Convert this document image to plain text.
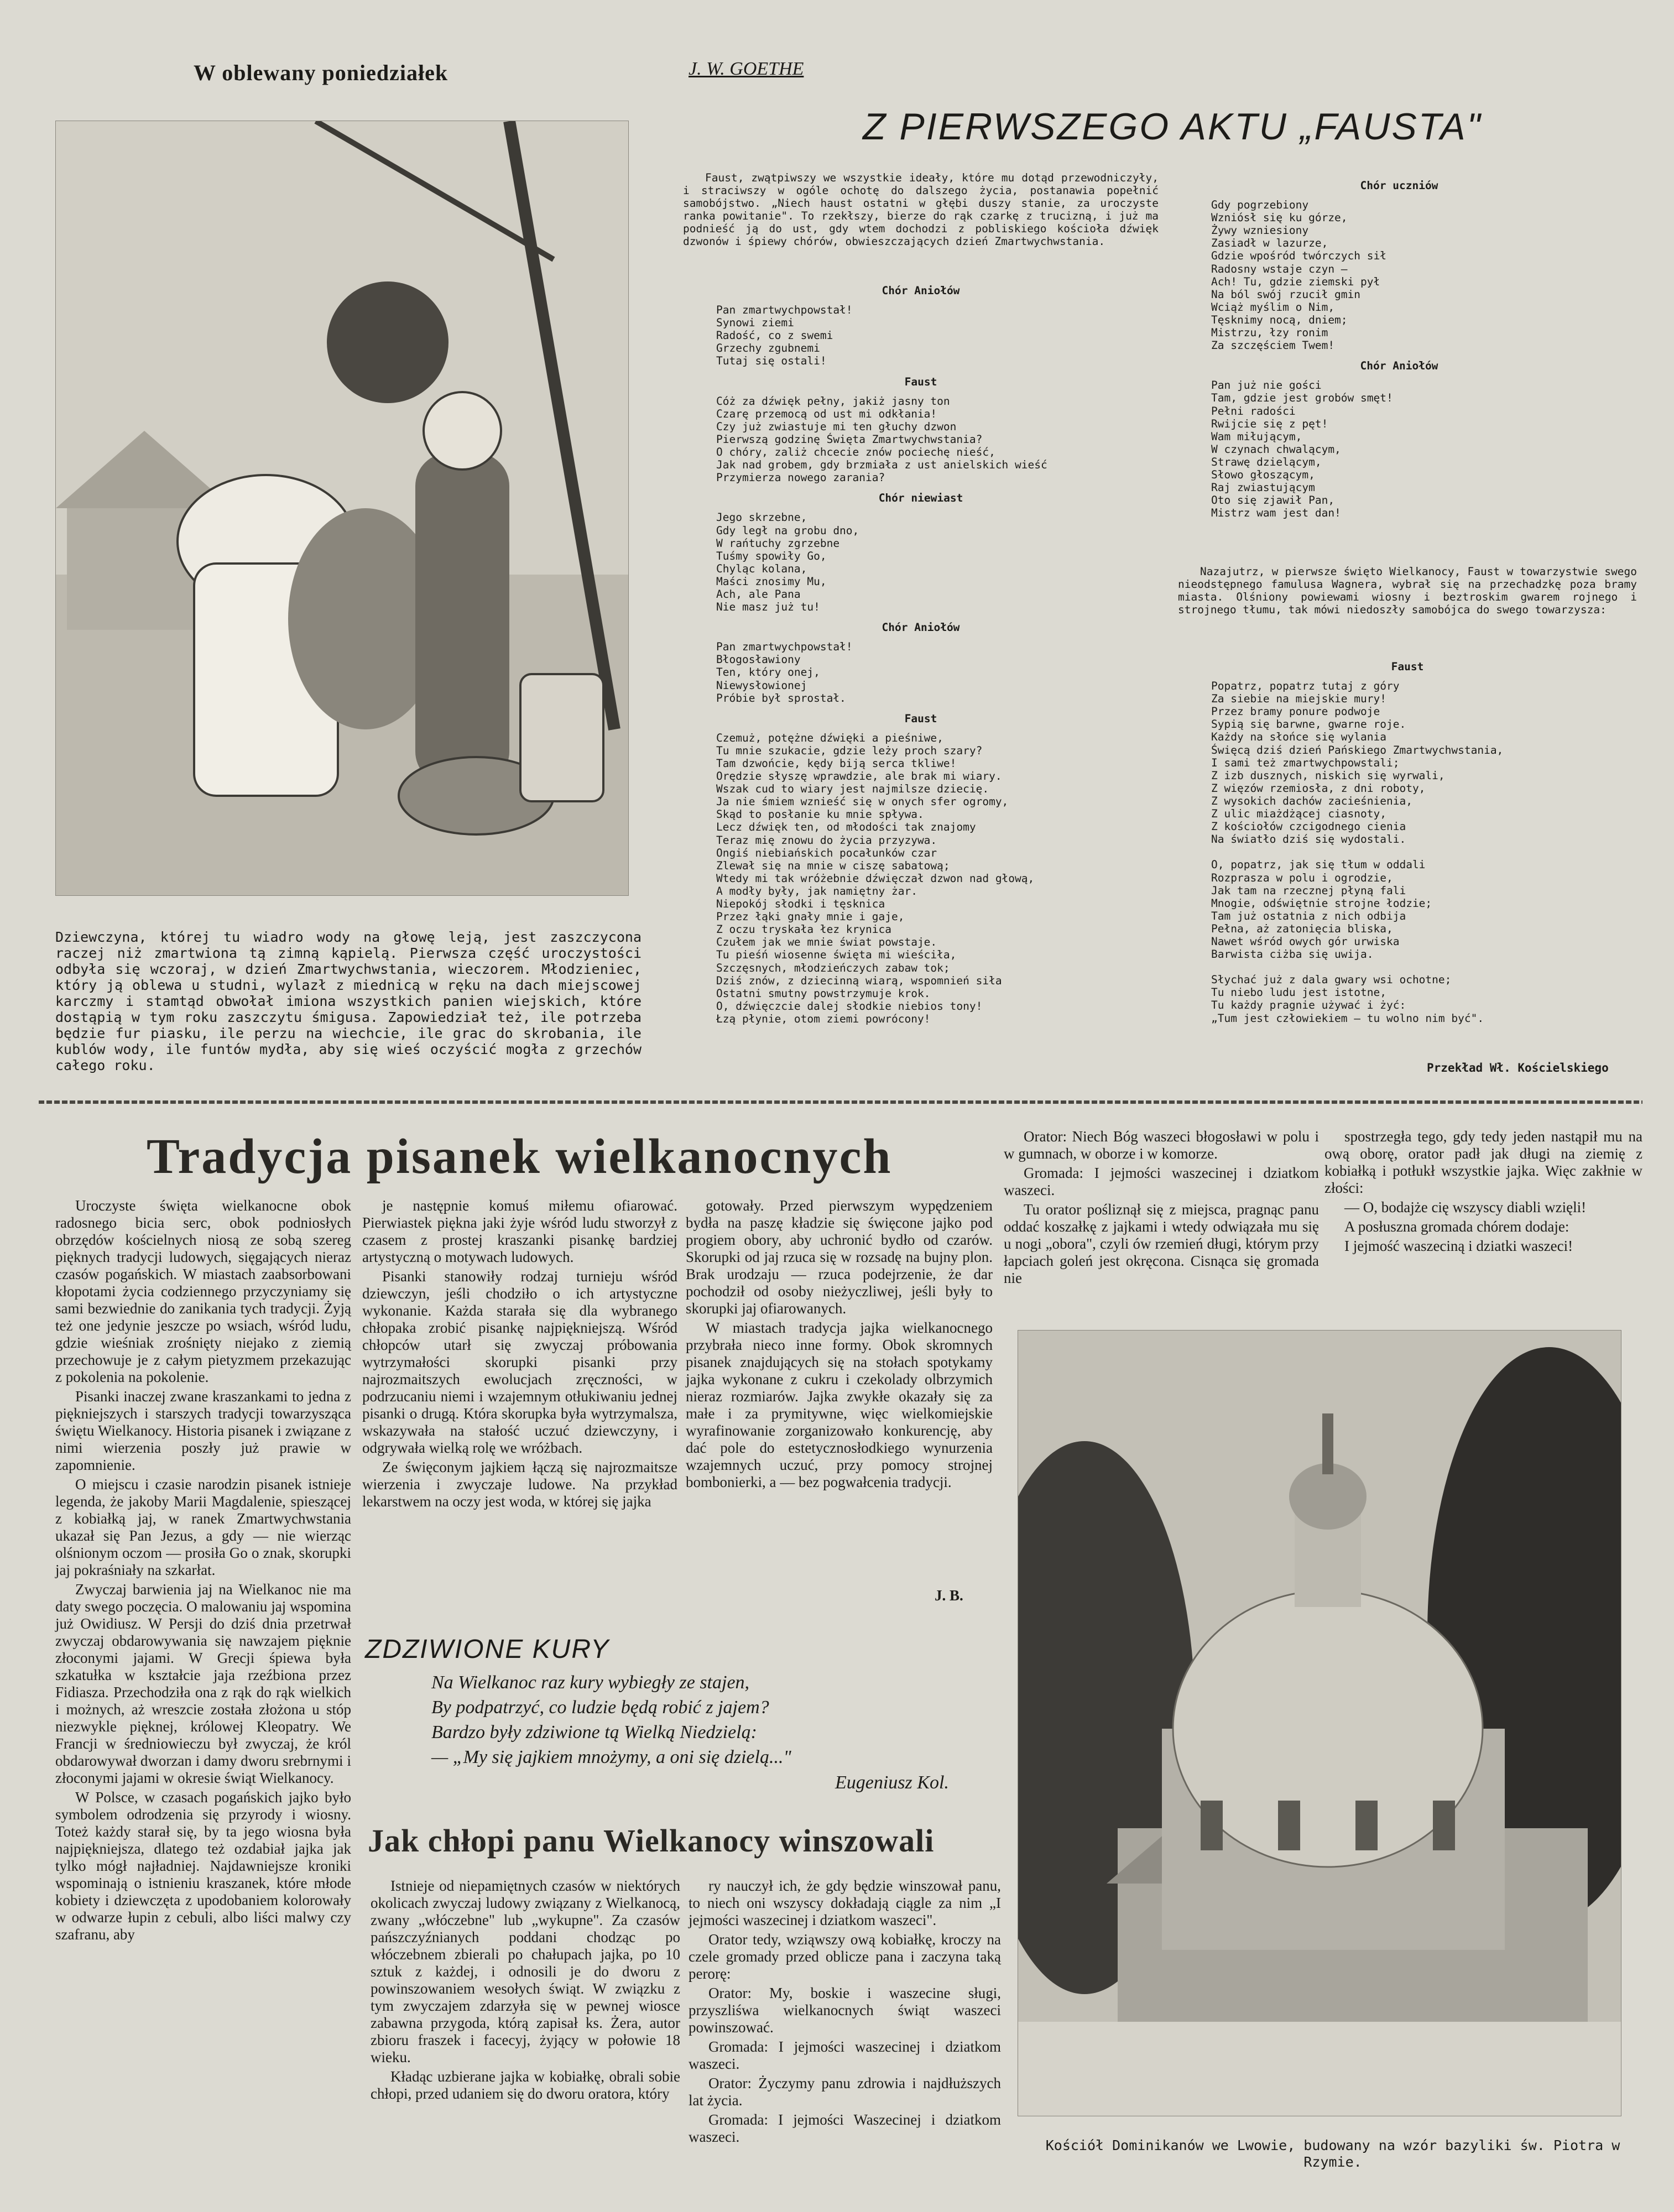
W oblewany poniedziałek
Dziewczyna, której tu wiadro wody na głowę leją, jest zaszczycona raczej niż zmartwiona tą zimną kąpielą. Pierwsza część uroczystości odbyła się wczoraj, w dzień Zmartwychwstania, wieczorem. Młodzieniec, który ją oblewa u studni, wylazł z miednicą w ręku na dach miejscowej karczmy i stamtąd obwołał imiona wszystkich panien wiejskich, które dostąpią w tym roku zaszczytu śmigusa. Zapowiedział też, ile potrzeba będzie fur piasku, ile perzu na wiechcie, ile grac do skrobania, ile kublów wody, ile funtów mydła, aby się wieś oczyścić mogła z grzechów całego roku.
J. W. GOETHE
Z PIERWSZEGO AKTU „FAUSTA"
Faust, zwątpiwszy we wszystkie ideały, które mu dotąd przewodniczyły, i straciwszy w ogóle ochotę do dalszego życia, postanawia popełnić samobójstwo. „Niech haust ostatni w głębi duszy stanie, za uroczyste ranka powitanie". To rzekłszy, bierze do rąk czarkę z trucizną, i już ma podnieść ją do ust, gdy wtem dochodzi z pobliskiego kościoła dźwięk dzwonów i śpiewy chórów, obwieszczających dzień Zmartwychwstania.
Chór Aniołów
Pan zmartwychpowstał!
Synowi ziemi
Radość, co z swemi
Grzechy zgubnemi
Tutaj się ostali!
Faust
Cóż za dźwięk pełny, jakiż jasny ton
Czarę przemocą od ust mi odkłania!
Czy już zwiastuje mi ten głuchy dzwon
Pierwszą godzinę Święta Zmartwychwstania?
O chóry, zaliż chcecie znów pociechę nieść,
Jak nad grobem, gdy brzmiała z ust anielskich wieść
Przymierza nowego zarania?
Chór niewiast
Jego skrzebne,
Gdy legł na grobu dno,
W rańtuchy zgrzebne
Tuśmy spowiły Go,
Chyląc kolana,
Maści znosimy Mu,
Ach, ale Pana
Nie masz już tu!
Chór Aniołów
Pan zmartwychpowstał!
Błogosławiony
Ten, który onej,
Niewysłowionej
Próbie był sprostał.
Faust
Czemuż, potężne dźwięki a pieśniwe,
Tu mnie szukacie, gdzie leży proch szary?
Tam dzwońcie, kędy biją serca tkliwe!
Orędzie słyszę wprawdzie, ale brak mi wiary.
Wszak cud to wiary jest najmilsze dziecię.
Ja nie śmiem wznieść się w onych sfer ogromy,
Skąd to posłanie ku mnie spływa.
Lecz dźwięk ten, od młodości tak znajomy
Teraz mię znowu do życia przyzywa.
Ongiś niebiańskich pocałunków czar
Zlewał się na mnie w ciszę sabatową;
Wtedy mi tak wróżebnie dźwięczał dzwon nad głową,
A modły były, jak namiętny żar.
Niepokój słodki i tęsknica
Przez łąki gnały mnie i gaje,
Z oczu tryskała łez krynica
Czułem jak we mnie świat powstaje.
Tu pieśń wiosenne święta mi wieściła,
Szczęsnych, młodzieńczych zabaw tok;
Dziś znów, z dziecinną wiarą, wspomnień siła
Ostatni smutny powstrzymuje krok.
O, dźwięczcie dalej słodkie niebios tony!
Łzą płynie, otom ziemi powrócony!
Chór uczniów
Gdy pogrzebiony
Wzniósł się ku górze,
Żywy wzniesiony
Zasiadł w lazurze,
Gdzie wpośród twórczych sił
Radosny wstaje czyn —
Ach! Tu, gdzie ziemski pył
Na ból swój rzucił gmin
Wciąż myślim o Nim,
Tęsknimy nocą, dniem;
Mistrzu, łzy ronim
Za szczęściem Twem!
Chór Aniołów
Pan już nie gości
Tam, gdzie jest grobów smęt!
Pełni radości
Rwijcie się z pęt!
Wam miłującym,
W czynach chwalącym,
Strawę dzielącym,
Słowo głoszącym,
Raj zwiastującym
Oto się zjawił Pan,
Mistrz wam jest dan!
Nazajutrz, w pierwsze święto Wielkanocy, Faust w towarzystwie swego nieodstępnego famulusa Wagnera, wybrał się na przechadzkę poza bramy miasta. Olśniony powiewami wiosny i beztroskim gwarem rojnego i strojnego tłumu, tak mówi niedoszły samobójca do swego towarzysza:
Faust
Popatrz, popatrz tutaj z góry
Za siebie na miejskie mury!
Przez bramy ponure podwoje
Sypią się barwne, gwarne roje.
Każdy na słońce się wylania
Święcą dziś dzień Pańskiego Zmartwychwstania,
I sami też zmartwychpowstali;
Z izb dusznych, niskich się wyrwali,
Z więzów rzemiosła, z dni roboty,
Z wysokich dachów zacieśnienia,
Z ulic miażdżącej ciasnoty,
Z kościołów czcigodnego cienia
Na światło dziś się wydostali.

O, popatrz, jak się tłum w oddali
Rozprasza w polu i ogrodzie,
Jak tam na rzecznej płyną fali
Mnogie, odświętnie strojne łodzie;
Tam już ostatnia z nich odbija
Pełna, aż zatonięcia bliska,
Nawet wśród owych gór urwiska
Barwista ciżba się uwija.

Słychać już z dala gwary wsi ochotne;
Tu niebo ludu jest istotne,
Tu każdy pragnie używać i żyć:
„Tum jest człowiekiem — tu wolno nim być".
Przekład Wł. Kościelskiego
Tradycja pisanek wielkanocnych

Uroczyste święta wielkanocne obok radosnego bicia serc, obok podniosłych obrzędów kościelnych niosą ze sobą szereg pięknych tradycji ludowych, sięgających nieraz czasów pogańskich. W miastach zaabsorbowani kłopotami życia codziennego przyczyniamy się sami bezwiednie do zanikania tych tradycji. Żyją też one jedynie jeszcze po wsiach, wśród ludu, gdzie wieśniak zrośnięty niejako z ziemią przechowuje je z całym pietyzmem przekazując z pokolenia na pokolenie.

Pisanki inaczej zwane kraszankami to jedna z piękniejszych i starszych tradycji towarzysząca świętu Wielkanocy. Historia pisanek i związane z nimi wierzenia poszły już prawie w zapomnienie.

O miejscu i czasie narodzin pisanek istnieje legenda, że jakoby Marii Magdalenie, spieszącej z kobiałką jaj, w ranek Zmartwychwstania ukazał się Pan Jezus, a gdy — nie wierząc olśnionym oczom — prosiła Go o znak, skorupki jaj pokraśniały na szkarłat.

Zwyczaj barwienia jaj na Wielkanoc nie ma daty swego poczęcia. O malowaniu jaj wspomina już Owidiusz. W Persji do dziś dnia przetrwał zwyczaj obdarowywania się nawzajem pięknie złoconymi jajami. W Grecji śpiewa była szkatułka w kształcie jaja rzeźbiona przez Fidiasza. Przechodziła ona z rąk do rąk wielkich i możnych, aż wreszcie została złożona u stóp niezwykle pięknej, królowej Kleopatry. We Francji w średniowieczu był zwyczaj, że król obdarowywał dworzan i damy dworu srebrnymi i złoconymi jajami w okresie świąt Wielkanocy.

W Polsce, w czasach pogańskich jajko było symbolem odrodzenia się przyrody i wiosny. Toteż każdy starał się, by ta jego wiosna była najpiękniejsza, dlatego też ozdabiał jajka jak tylko mógł najładniej. Najdawniejsze kroniki wspominają o istnieniu kraszanek, które młode kobiety i dziewczęta z upodobaniem kolorowały w odwarze łupin z cebuli, albo liści malwy czy szafranu, aby

je następnie komuś miłemu ofiarować. Pierwiastek piękna jaki żyje wśród ludu stworzył z czasem z prostej kraszanki pisankę bardziej artystyczną o motywach ludowych.

Pisanki stanowiły rodzaj turnieju wśród dziewczyn, jeśli chodziło o ich artystyczne wykonanie. Każda starała się dla wybranego chłopaka zrobić pisankę najpiękniejszą. Wśród chłopców utarł się zwyczaj próbowania wytrzymałości skorupki pisanki przy najrozmaitszych ewolucjach zręczności, w podrzucaniu niemi i wzajemnym otłukiwaniu jednej pisanki o drugą. Która skorupka była wytrzymalsza, wskazywała na stałość uczuć dziewczyny, i odgrywała wielką rolę we wróżbach.

Ze święconym jajkiem łączą się najrozmaitsze wierzenia i zwyczaje ludowe. Na przykład lekarstwem na oczy jest woda, w której się jajka

gotowały. Przed pierwszym wypędzeniem bydła na paszę kładzie się święcone jajko pod progiem obory, aby uchronić bydło od czarów. Skorupki od jaj rzuca się w rozsadę na bujny plon. Brak urodzaju — rzuca podejrzenie, że dar pochodził od osoby nieżyczliwej, jeśli były to skorupki jaj ofiarowanych.

W miastach tradycja jajka wielkanocnego przybrała nieco inne formy. Obok skromnych pisanek znajdujących się na stołach spotykamy jajka wykonane z cukru i czekolady olbrzymich nieraz rozmiarów. Jajka zwykłe okazały się za małe i za prymitywne, więc wielkomiejskie wyrafinowanie zorganizowało konkurencję, aby dać pole do estetycznosłodkiego wynurzenia wzajemnych uczuć, przy pomocy strojnej bombonierki, a — bez pogwałcenia tradycji.

J. B.
ZDZIWIONE KURY
Na Wielkanoc raz kury wybiegły ze stajen,
By podpatrzyć, co ludzie będą robić z jajem?
Bardzo były zdziwione tą Wielką Niedzielą:
— „My się jajkiem mnożymy, a oni się dzielą..."
Eugeniusz Kol.
Jak chłopi panu Wielkanocy winszowali

Istnieje od niepamiętnych czasów w niektórych okolicach zwyczaj ludowy związany z Wielkanocą, zwany „włóczebne" lub „wykupne". Za czasów pańszczyźnianych poddani chodząc po włóczebnem zbierali po chałupach jajka, po 10 sztuk z każdej, i odnosili je do dworu z powinszowaniem wesołych świąt. W związku z tym zwyczajem zdarzyła się w pewnej wiosce zabawna przygoda, którą zapisał ks. Żera, autor zbioru fraszek i facecyj, żyjący w połowie 18 wieku.

Kładąc uzbierane jajka w kobiałkę, obrali sobie chłopi, przed udaniem się do dworu oratora, który

ry nauczył ich, że gdy będzie winszował panu, to niech oni wszyscy dokładają ciągle za nim „I jejmości waszecinej i dziatkom waszeci".

Orator tedy, wziąwszy ową kobiałkę, kroczy na czele gromady przed oblicze pana i zaczyna taką perorę:

Orator: My, boskie i waszecine sługi, przyszliśwa wielkanocnych świąt waszeci powinszować.

Gromada: I jejmości waszecinej i dziatkom waszeci.

Orator: Życzymy panu zdrowia i najdłuższych lat życia.

Gromada: I jejmości Waszecinej i dziatkom waszeci.

Orator: Niech Bóg waszeci błogosławi w polu i w gumnach, w oborze i w komorze.

Gromada: I jejmości waszecinej i dziatkom waszeci.

Tu orator pośliznął się z miejsca, pragnąc panu oddać koszałkę z jajkami i wtedy odwiązała mu się u nogi „obora", czyli ów rzemień długi, którym przy łapciach goleń jest okręcona. Cisnąca się gromada nie

spostrzegła tego, gdy tedy jeden nastąpił mu na ową oborę, orator padł jak długi na ziemię z kobiałką i potłukł wszystkie jajka. Więc zakłnie w złości:

— O, bodajże cię wszyscy diabli wzięli!

A posłuszna gromada chórem dodaje:

I jejmość waszeciną i dziatki waszeci!

Kościół Dominikanów we Lwowie, budowany na wzór bazyliki św. Piotra w Rzymie.
